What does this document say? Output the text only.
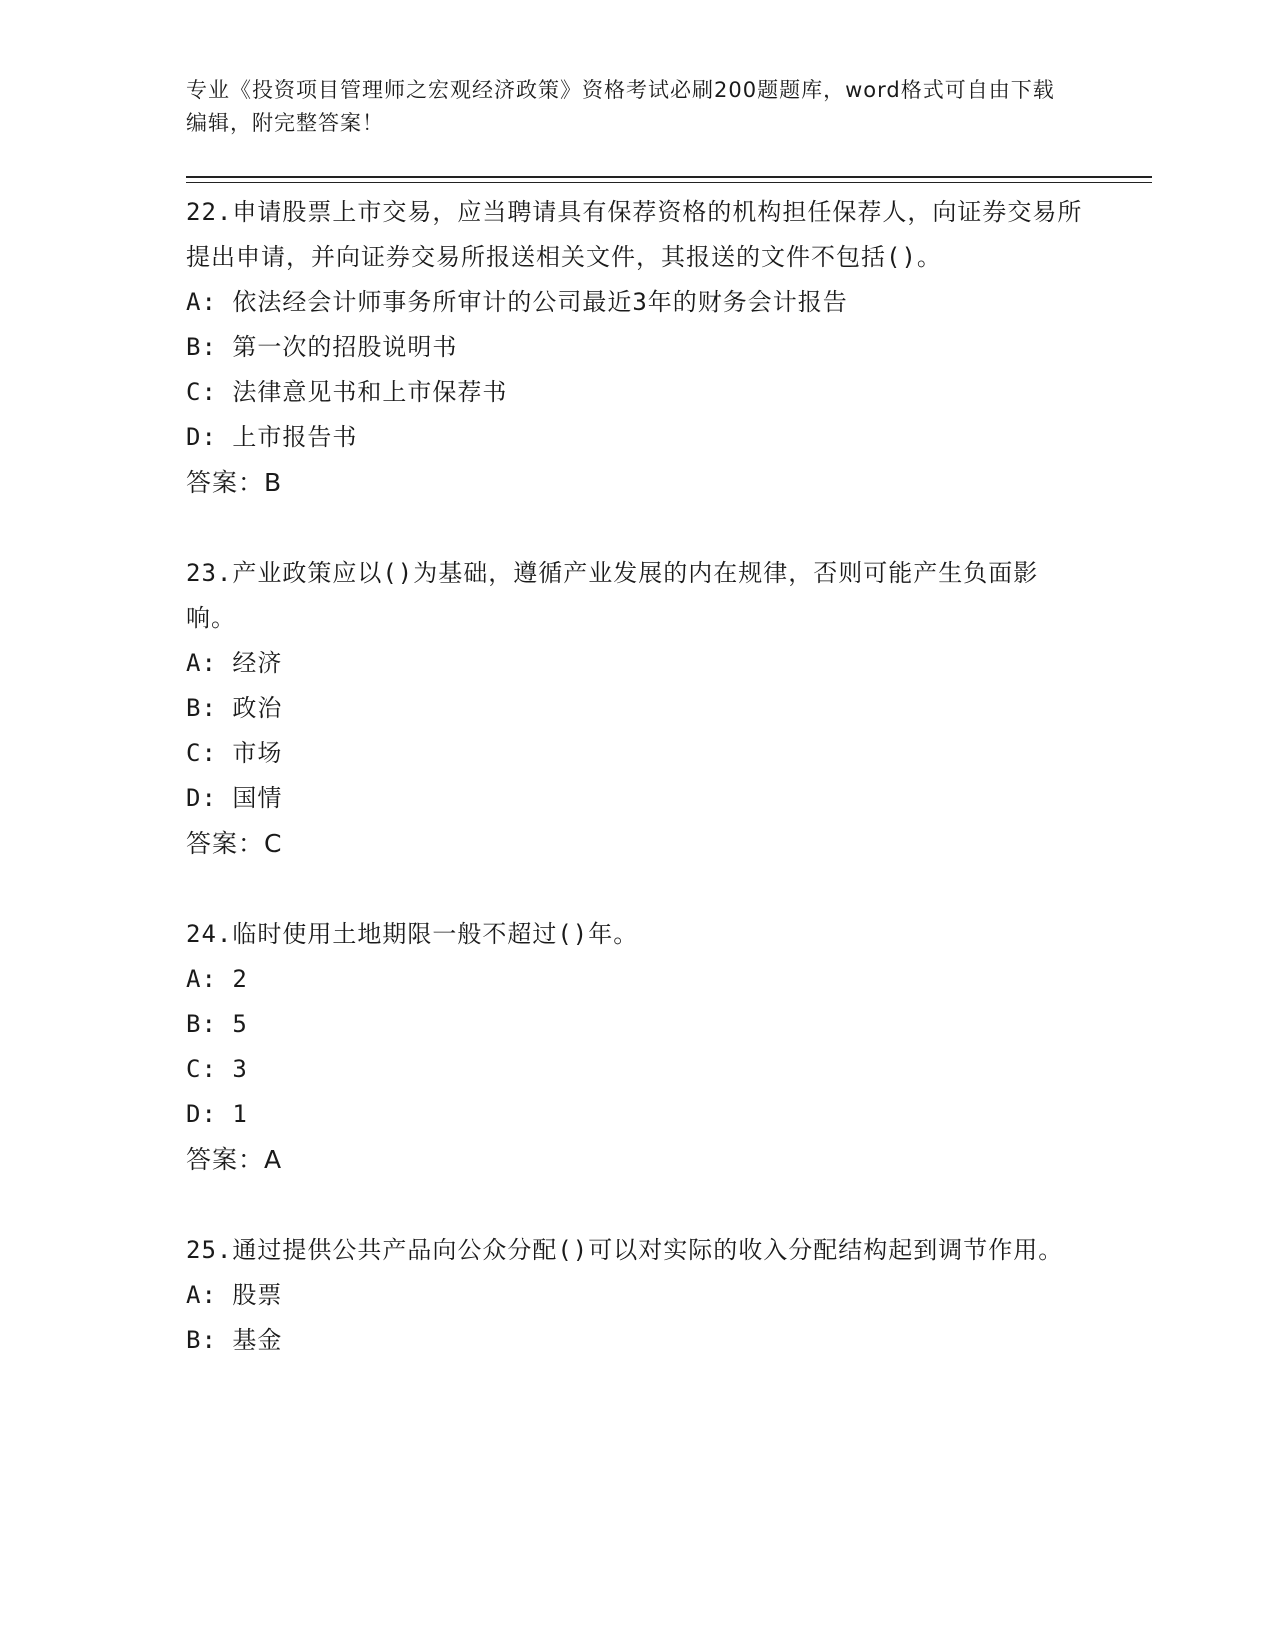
专业《投资项目管理师之宏观经济政策》资格考试必刷200题题库，word格式可自由下载编辑，附完整答案！
22.申请股票上市交易，应当聘请具有保荐资格的机构担任保荐人，向证券交易所提出申请，并向证券交易所报送相关文件，其报送的文件不包括()。
A: 依法经会计师事务所审计的公司最近3年的财务会计报告
B: 第一次的招股说明书
C: 法律意见书和上市保荐书
D: 上市报告书
答案：B
23.产业政策应以()为基础，遵循产业发展的内在规律，否则可能产生负面影响。
A: 经济
B: 政治
C: 市场
D: 国情
答案：C
24.临时使用土地期限一般不超过()年。
A: 2
B: 5
C: 3
D: 1
答案：A
25.通过提供公共产品向公众分配()可以对实际的收入分配结构起到调节作用。
A: 股票
B: 基金
